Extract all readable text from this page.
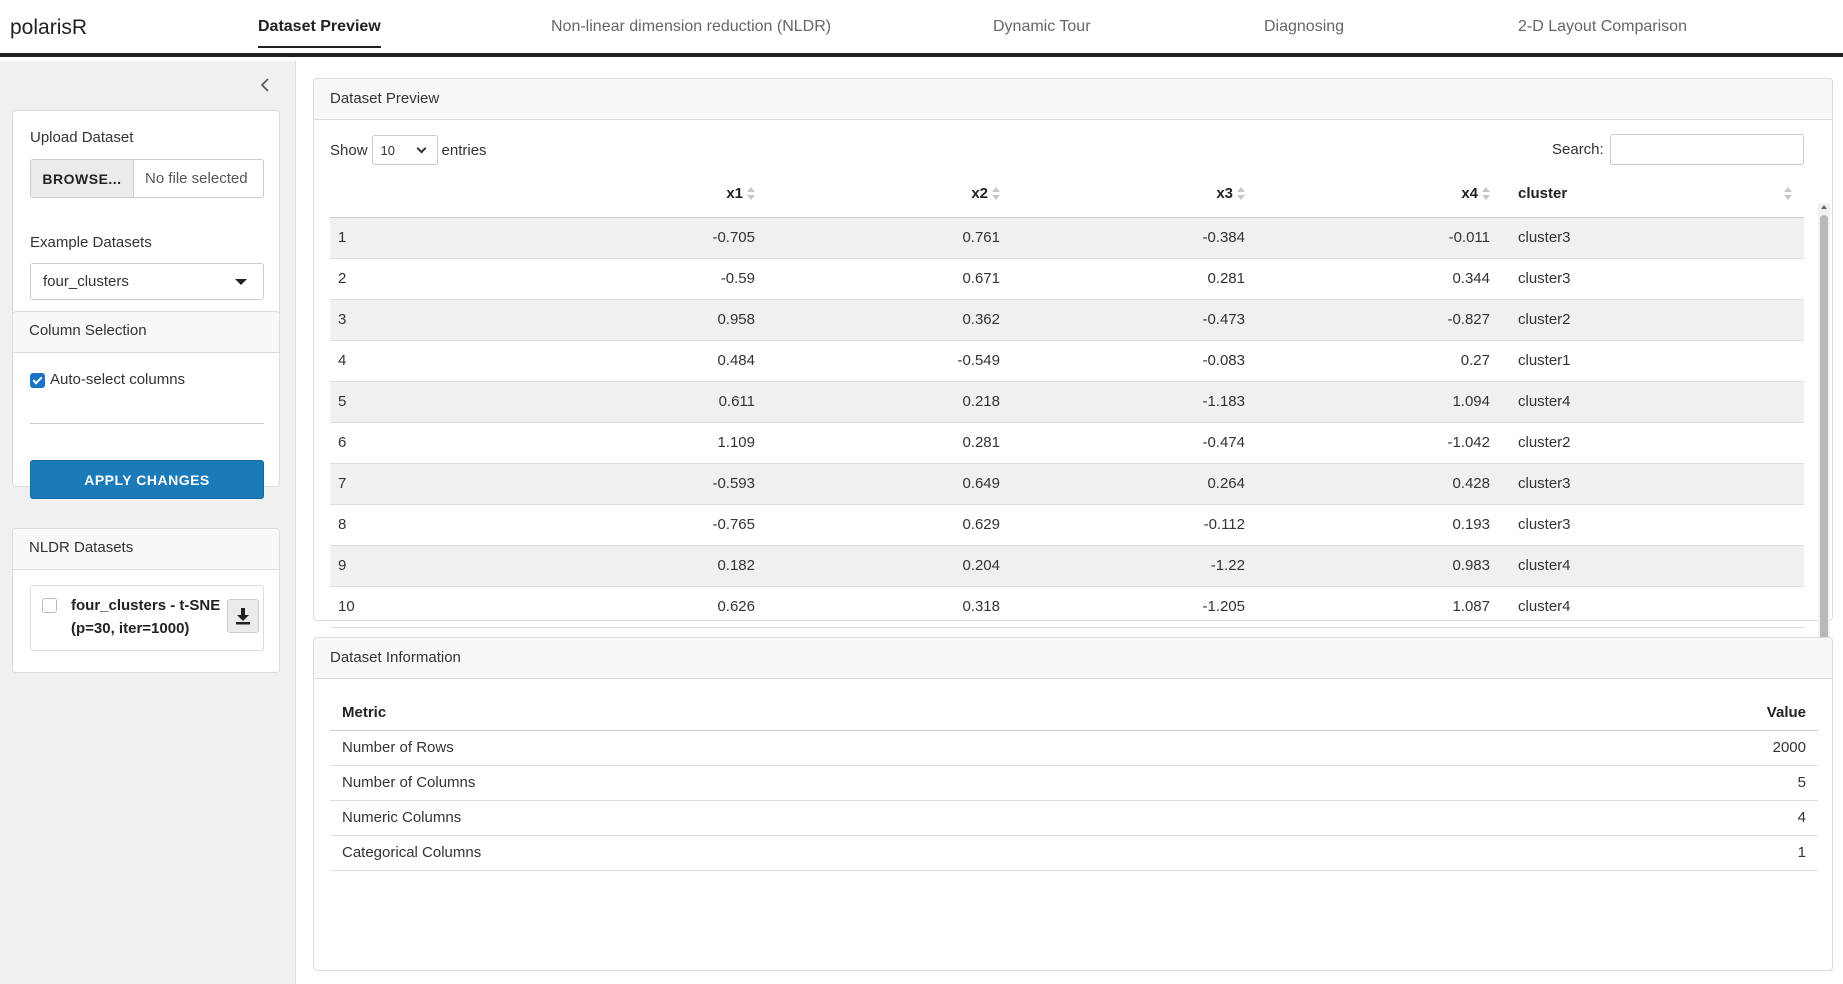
polarisR	Dataset Preview	Non-linear dimension reduction (NLDR)	Dynamic Tour	Diagnosing	2-D Layout Comparison
Upload Dataset
BROWSE...	No file selected
Example Datasets
four_clusters
Column Selection
Auto-select columns
APPLY CHANGES
NLDR Datasets
four_clusters - t-SNE (p=30, iter=1000)
Dataset Preview
Show 10	entries	Search:
	x1	x2	x3	x4	cluster

1	-0.705	0.761	-0.384	-0.011	cluster3
2	-0.59	0.671	0.281	0.344	cluster3
3	0.958	0.362	-0.473	-0.827	cluster2
4	0.484	-0.549	-0.083	0.27	cluster1
5	0.611	0.218	-1.183	1.094	cluster4
6	1.109	0.281	-0.474	-1.042	cluster2
7	-0.593	0.649	0.264	0.428	cluster3
8	-0.765	0.629	-0.112	0.193	cluster3
9	0.182	0.204	-1.22	0.983	cluster4
10	0.626	0.318	-1.205	1.087	cluster4
Dataset Information
Metric	Value
Number of Rows	2000
Number of Columns	5
Numeric Columns	4
Categorical Columns	1
